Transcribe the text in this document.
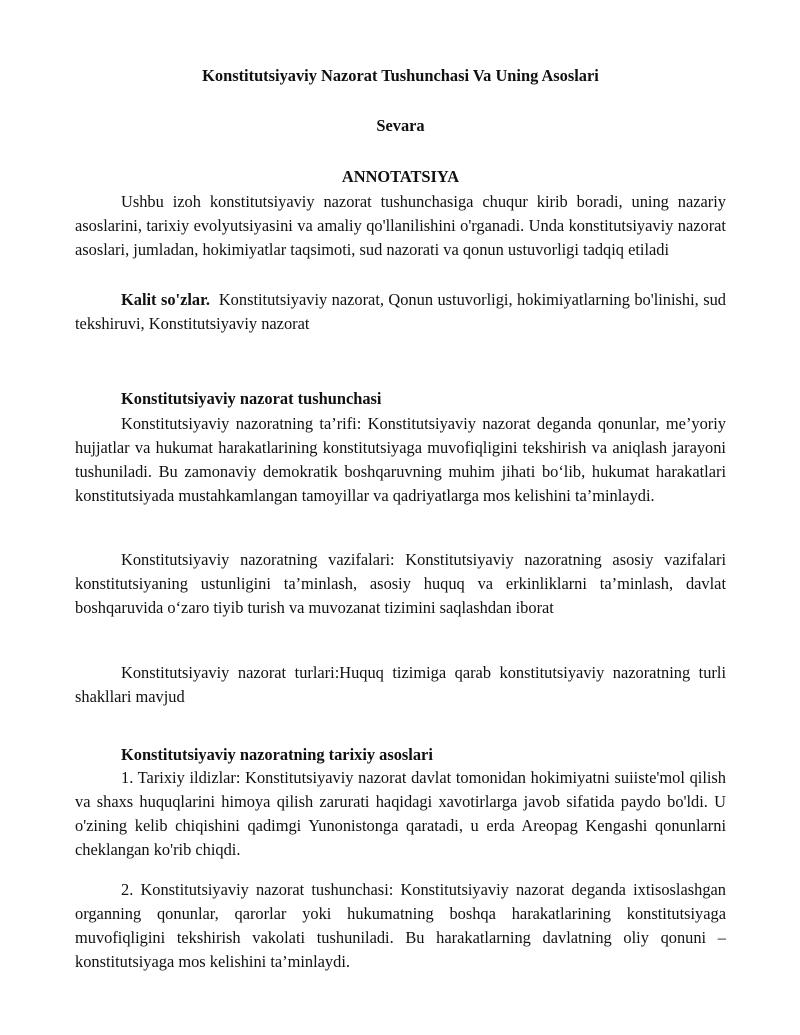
Konstitutsiyaviy Nazorat Tushunchasi Va Uning Asoslari
Sevara
ANNOTATSIYA

Ushbu izoh konstitutsiyaviy nazorat tushunchasiga chuqur kirib boradi, uning nazariy asoslarini, tarixiy evolyutsiyasini va amaliy qo'llanilishini o'rganadi. Unda konstitutsiyaviy nazorat asoslari, jumladan, hokimiyatlar taqsimoti, sud nazorati va qonun ustuvorligi tadqiq etiladi

Kalit so'zlar. Konstitutsiyaviy nazorat, Qonun ustuvorligi, hokimiyatlarning bo'linishi, sud tekshiruvi, Konstitutsiyaviy nazorat

Konstitutsiyaviy nazorat tushunchasi

Konstitutsiyaviy nazoratning ta’rifi: Konstitutsiyaviy nazorat deganda qonunlar, me’yoriy hujjatlar va hukumat harakatlarining konstitutsiyaga muvofiqligini tekshirish va aniqlash jarayoni tushuniladi. Bu zamonaviy demokratik boshqaruvning muhim jihati bo‘lib, hukumat harakatlari konstitutsiyada mustahkamlangan tamoyillar va qadriyatlarga mos kelishini ta’minlaydi.

Konstitutsiyaviy nazoratning vazifalari: Konstitutsiyaviy nazoratning asosiy vazifalari konstitutsiyaning ustunligini ta’minlash, asosiy huquq va erkinliklarni ta’minlash, davlat boshqaruvida o‘zaro tiyib turish va muvozanat tizimini saqlashdan iborat

Konstitutsiyaviy nazorat turlari:Huquq tizimiga qarab konstitutsiyaviy nazoratning turli shakllari mavjud

Konstitutsiyaviy nazoratning tarixiy asoslari

1. Tarixiy ildizlar: Konstitutsiyaviy nazorat davlat tomonidan hokimiyatni suiiste'mol qilish va shaxs huquqlarini himoya qilish zarurati haqidagi xavotirlarga javob sifatida paydo bo'ldi. U o'zining kelib chiqishini qadimgi Yunonistonga qaratadi, u erda Areopag Kengashi qonunlarni cheklangan ko'rib chiqdi.

2. Konstitutsiyaviy nazorat tushunchasi: Konstitutsiyaviy nazorat deganda ixtisoslashgan organning qonunlar, qarorlar yoki hukumatning boshqa harakatlarining konstitutsiyaga muvofiqligini tekshirish vakolati tushuniladi. Bu harakatlarning davlatning oliy qonuni – konstitutsiyaga mos kelishini ta’minlaydi.
